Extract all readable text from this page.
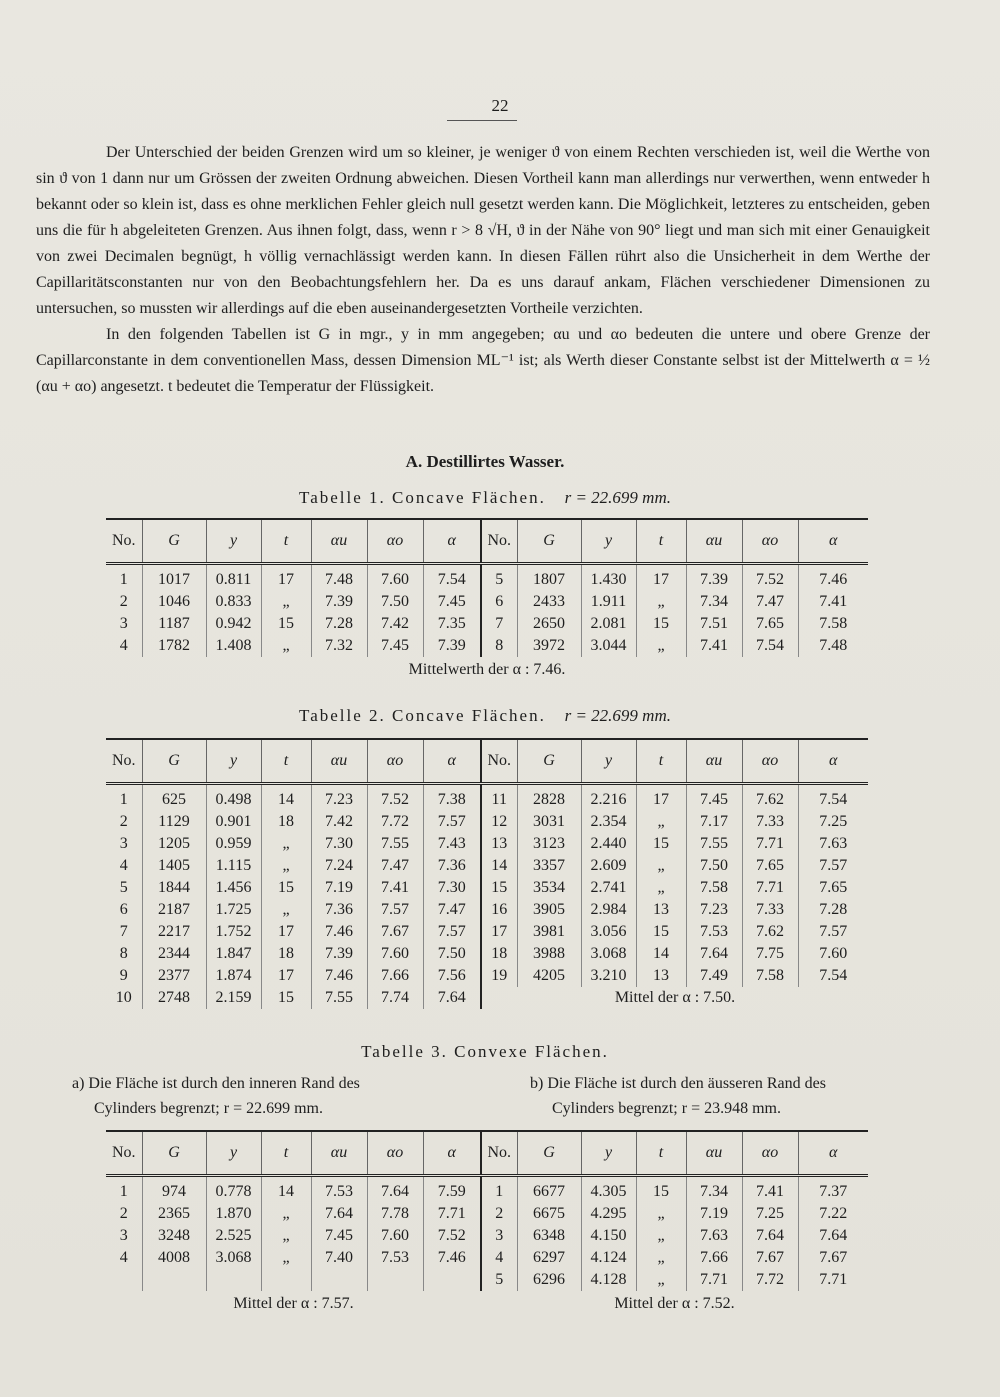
22

Der Unterschied der beiden Grenzen wird um so kleiner, je weniger ϑ von einem Rechten verschieden ist, weil die Werthe von sin ϑ von 1 dann nur um Grössen der zweiten Ordnung abweichen. Diesen Vortheil kann man allerdings nur verwerthen, wenn entweder h bekannt oder so klein ist, dass es ohne merklichen Fehler gleich null gesetzt werden kann. Die Möglichkeit, letzteres zu entscheiden, geben uns die für h abgeleiteten Grenzen. Aus ihnen folgt, dass, wenn r > 8 √H, ϑ in der Nähe von 90° liegt und man sich mit einer Genauigkeit von zwei Decimalen begnügt, h völlig vernachlässigt werden kann. In diesen Fällen rührt also die Unsicherheit in dem Werthe der Capillaritätsconstanten nur von den Beobachtungsfehlern her. Da es uns darauf ankam, Flächen verschiedener Dimensionen zu untersuchen, so mussten wir allerdings auf die eben auseinandergesetzten Vortheile verzichten.

In den folgenden Tabellen ist G in mgr., y in mm angegeben; αu und αo bedeuten die untere und obere Grenze der Capillarconstante in dem conventionellen Mass, dessen Dimension ML⁻¹ ist; als Werth dieser Constante selbst ist der Mittelwerth α = ½ (αu + αo) angesetzt. t bedeutet die Temperatur der Flüssigkeit.

A. Destillirtes Wasser.
Tabelle 1. Concave Flächen. r = 22.699 mm.
No.	G	y	t	αu	αo	α	No.	G	y	t	αu	αo	α
1	1017	0.811	17	7.48	7.60	7.54	5	1807	1.430	17	7.39	7.52	7.46
2	1046	0.833	„	7.39	7.50	7.45	6	2433	1.911	„	7.34	7.47	7.41
3	1187	0.942	15	7.28	7.42	7.35	7	2650	2.081	15	7.51	7.65	7.58
4	1782	1.408	„	7.32	7.45	7.39	8	3972	3.044	„	7.41	7.54	7.48
Mittelwerth der α : 7.46.													
Tabelle 2. Concave Flächen. r = 22.699 mm.
No.	G	y	t	αu	αo	α	No.	G	y	t	αu	αo	α
1	625	0.498	14	7.23	7.52	7.38	11	2828	2.216	17	7.45	7.62	7.54
2	1129	0.901	18	7.42	7.72	7.57	12	3031	2.354	„	7.17	7.33	7.25
3	1205	0.959	„	7.30	7.55	7.43	13	3123	2.440	15	7.55	7.71	7.63
4	1405	1.115	„	7.24	7.47	7.36	14	3357	2.609	„	7.50	7.65	7.57
5	1844	1.456	15	7.19	7.41	7.30	15	3534	2.741	„	7.58	7.71	7.65
6	2187	1.725	„	7.36	7.57	7.47	16	3905	2.984	13	7.23	7.33	7.28
7	2217	1.752	17	7.46	7.67	7.57	17	3981	3.056	15	7.53	7.62	7.57
8	2344	1.847	18	7.39	7.60	7.50	18	3988	3.068	14	7.64	7.75	7.60
9	2377	1.874	17	7.46	7.66	7.56	19	4205	3.210	13	7.49	7.58	7.54
10	2748	2.159	15	7.55	7.74	7.64	Mittel der α : 7.50.						
Tabelle 3. Convexe Flächen.
a) Die Fläche ist durch den inneren Rand des
Cylinders begrenzt; r = 22.699 mm.
b) Die Fläche ist durch den äusseren Rand des
Cylinders begrenzt; r = 23.948 mm.
No.	G	y	t	αu	αo	α	No.	G	y	t	αu	αo	α
1	974	0.778	14	7.53	7.64	7.59	1	6677	4.305	15	7.34	7.41	7.37
2	2365	1.870	„	7.64	7.78	7.71	2	6675	4.295	„	7.19	7.25	7.22
3	3248	2.525	„	7.45	7.60	7.52	3	6348	4.150	„	7.63	7.64	7.64
4	4008	3.068	„	7.40	7.53	7.46	4	6297	4.124	„	7.66	7.67	7.67
							5	6296	4.128	„	7.71	7.72	7.71
Mittel der α : 7.57.							Mittel der α : 7.52.						
